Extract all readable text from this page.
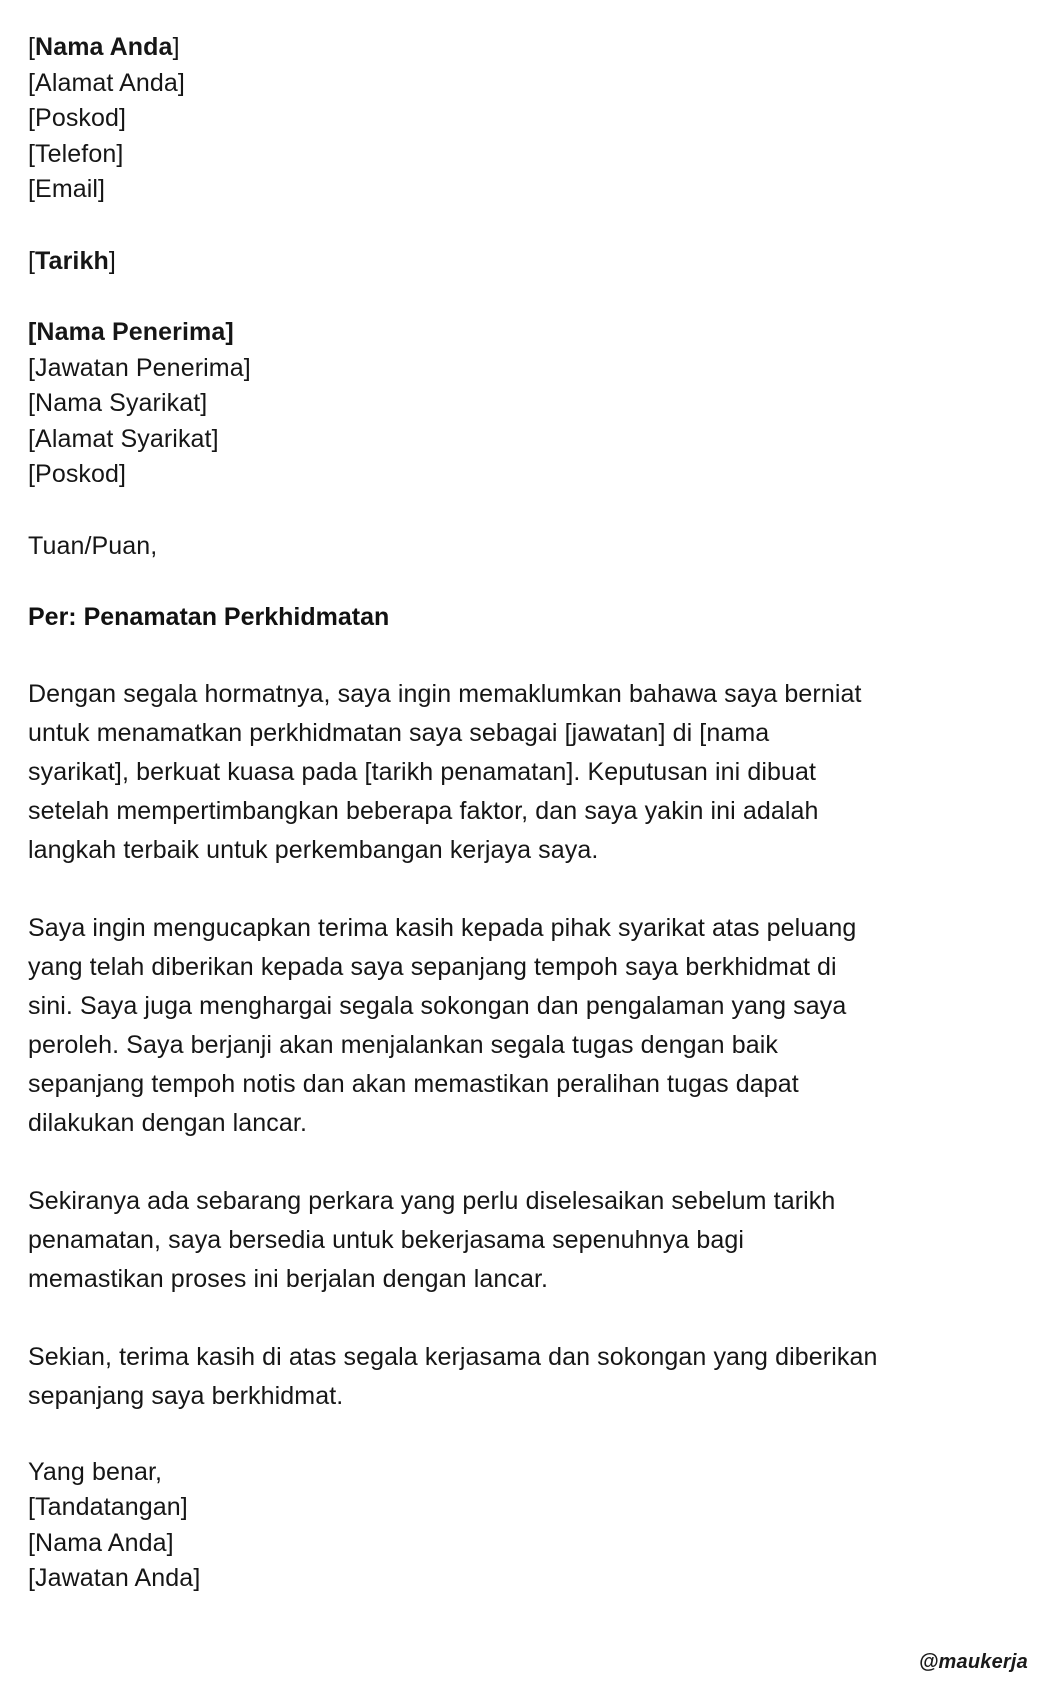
[Nama Anda]
[Alamat Anda]
[Poskod]
[Telefon]
[Email]
[Tarikh]
[Nama Penerima]
[Jawatan Penerima]
[Nama Syarikat]
[Alamat Syarikat]
[Poskod]
Tuan/Puan,
Per: Penamatan Perkhidmatan
Dengan segala hormatnya, saya ingin memaklumkan bahawa saya berniat
untuk menamatkan perkhidmatan saya sebagai [jawatan] di [nama
syarikat], berkuat kuasa pada [tarikh penamatan]. Keputusan ini dibuat
setelah mempertimbangkan beberapa faktor, dan saya yakin ini adalah
langkah terbaik untuk perkembangan kerjaya saya.
Saya ingin mengucapkan terima kasih kepada pihak syarikat atas peluang
yang telah diberikan kepada saya sepanjang tempoh saya berkhidmat di
sini. Saya juga menghargai segala sokongan dan pengalaman yang saya
peroleh. Saya berjanji akan menjalankan segala tugas dengan baik
sepanjang tempoh notis dan akan memastikan peralihan tugas dapat
dilakukan dengan lancar.
Sekiranya ada sebarang perkara yang perlu diselesaikan sebelum tarikh
penamatan, saya bersedia untuk bekerjasama sepenuhnya bagi
memastikan proses ini berjalan dengan lancar.
Sekian, terima kasih di atas segala kerjasama dan sokongan yang diberikan
sepanjang saya berkhidmat.
Yang benar,
[Tandatangan]
[Nama Anda]
[Jawatan Anda]
@maukerja
